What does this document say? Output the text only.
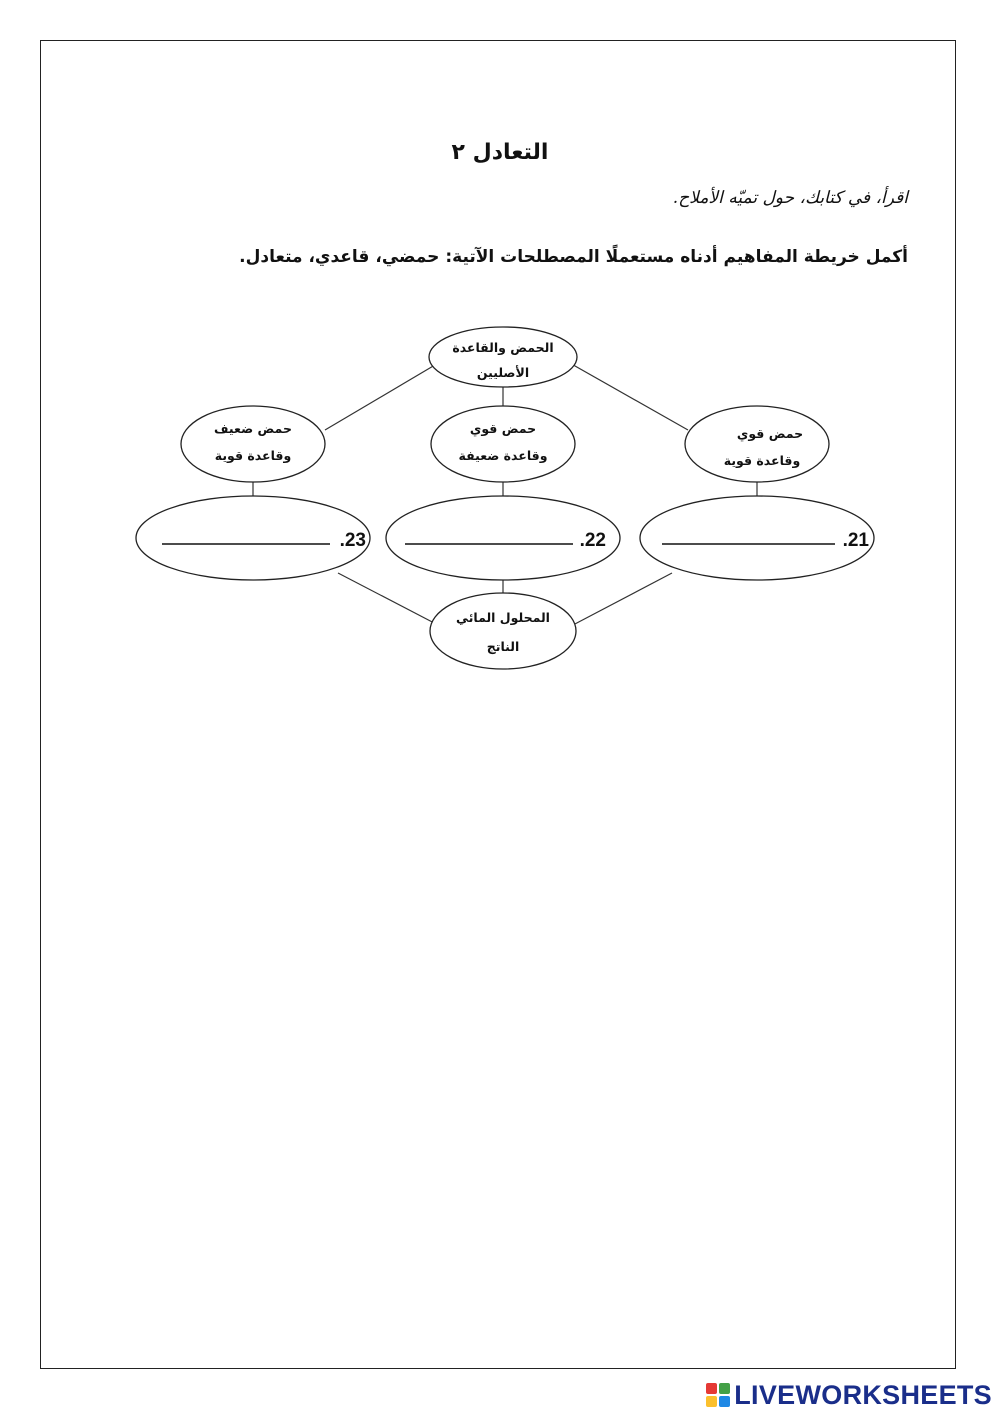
التعادل ٢
اقرأ، في كتابك، حول تميّه الأملاح.
أكمل خريطة المفاهيم أدناه مستعملًا المصطلحات الآتية: حمضي، قاعدي، متعادل.
الحمض والقاعدة
الأصليين
حمض ضعيف
وقاعدة قوية
حمض قوي
وقاعدة ضعيفة
حمض قوي
وقاعدة قوية
.23	.22	.21
المحلول المائي
الناتج
LIVEWORKSHEETS
